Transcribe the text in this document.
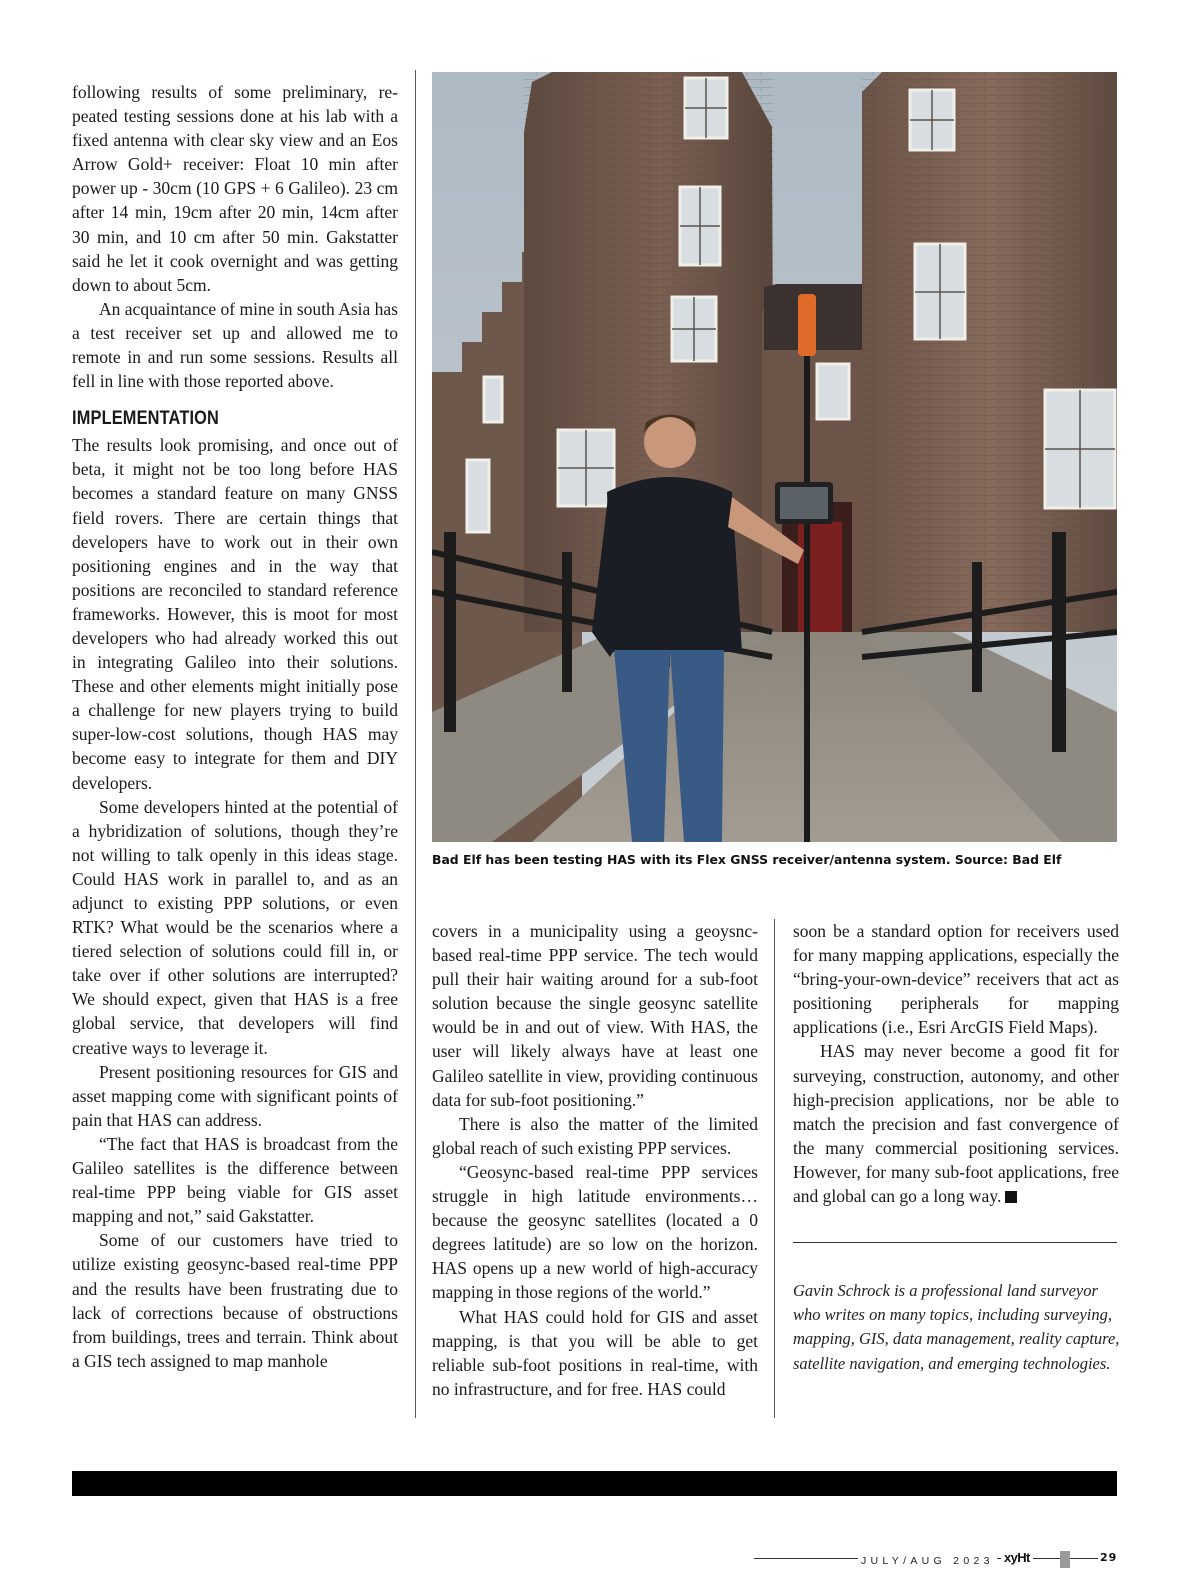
following results of some preliminary, repeated testing sessions done at his lab with a fixed antenna with clear sky view and an Eos Arrow Gold+ receiver: Float 10 min after power up - 30cm (10 GPS + 6 Galileo). 23 cm after 14 min, 19cm after 20 min, 14cm after 30 min, and 10 cm after 50 min. Gakstatter said he let it cook overnight and was getting down to about 5cm.

An acquaintance of mine in south Asia has a test receiver set up and allowed me to remote in and run some sessions. Results all fell in line with those reported above.

IMPLEMENTATION

The results look promising, and once out of beta, it might not be too long before HAS becomes a standard feature on many GNSS field rovers. There are certain things that developers have to work out in their own positioning engines and in the way that positions are reconciled to standard reference frameworks. However, this is moot for most developers who had already worked this out in integrating Galileo into their solutions. These and other elements might initially pose a challenge for new players trying to build super-low-cost solutions, though HAS may become easy to integrate for them and DIY developers.

Some developers hinted at the potential of a hybridization of solutions, though they’re not willing to talk openly in this ideas stage. Could HAS work in parallel to, and as an adjunct to existing PPP solutions, or even RTK? What would be the scenarios where a tiered selection of solutions could fill in, or take over if other solutions are interrupted? We should expect, given that HAS is a free global service, that developers will find creative ways to leverage it.

Present positioning resources for GIS and asset mapping come with significant points of pain that HAS can address.

“The fact that HAS is broadcast from the Galileo satellites is the difference between real-time PPP being viable for GIS asset mapping and not,” said Gakstatter.

Some of our customers have tried to utilize existing geosync-based real-time PPP and the results have been frustrating due to lack of corrections because of obstructions from buildings, trees and terrain. Think about a GIS tech assigned to map manhole

Bad Elf has been testing HAS with its Flex GNSS receiver/antenna system. Source: Bad Elf

covers in a municipality using a geoysnc-based real-time PPP service. The tech would pull their hair waiting around for a sub-foot solution because the single geosync satellite would be in and out of view. With HAS, the user will likely always have at least one Galileo satellite in view, providing continuous data for sub-foot positioning.”

There is also the matter of the limited global reach of such existing PPP services.

“Geosync-based real-time PPP services struggle in high latitude environments… because the geosync satellites (located a 0 degrees latitude) are so low on the horizon. HAS opens up a new world of high-accuracy mapping in those regions of the world.”

What HAS could hold for GIS and asset mapping, is that you will be able to get reliable sub-foot positions in real-time, with no infrastructure, and for free. HAS could

soon be a standard option for receivers used for many mapping applications, especially the “bring-your-own-device” receivers that act as positioning peripherals for mapping applications (i.e., Esri ArcGIS Field Maps).

HAS may never become a good fit for surveying, construction, autonomy, and other high-precision applications, nor be able to match the precision and fast convergence of the many commercial positioning services. However, for many sub-foot applications, free and global can go a long way.

Gavin Schrock is a professional land surveyor who writes on many topics, including surveying, mapping, GIS, data management, reality capture, satellite navigation, and emerging technologies.
JULY/AUG 2023 xyHt	29
